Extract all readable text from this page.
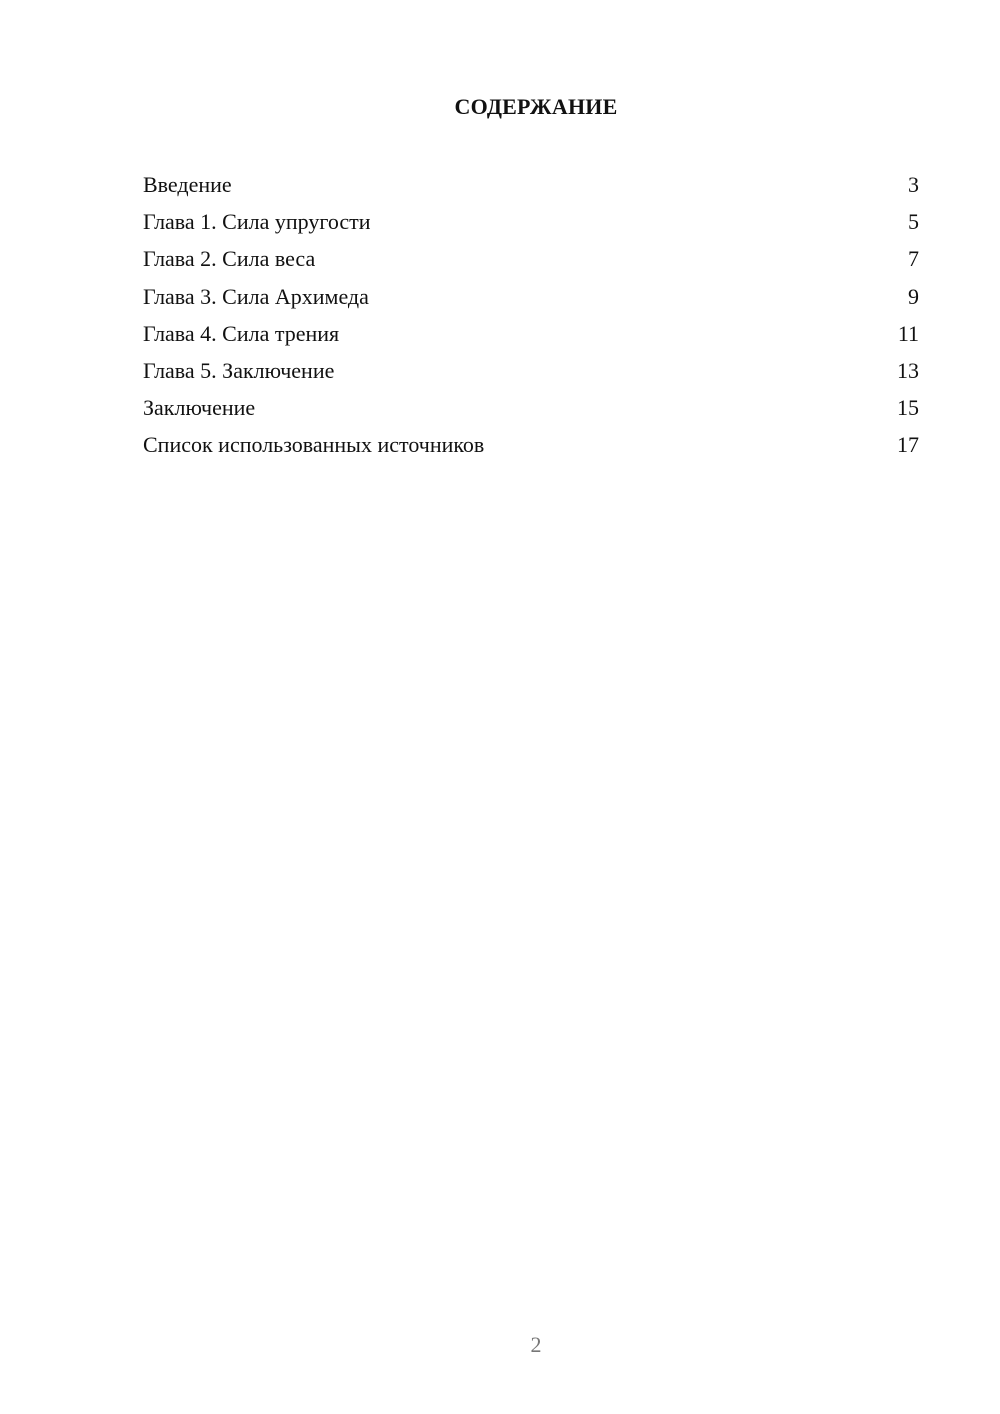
СОДЕРЖАНИЕ
Введение	3
Глава 1. Сила упругости	5
Глава 2. Сила веса	7
Глава 3. Сила Архимеда	9
Глава 4. Сила трения	11
Глава 5. Заключение	13
Заключение	15
Список использованных источников	17
2
